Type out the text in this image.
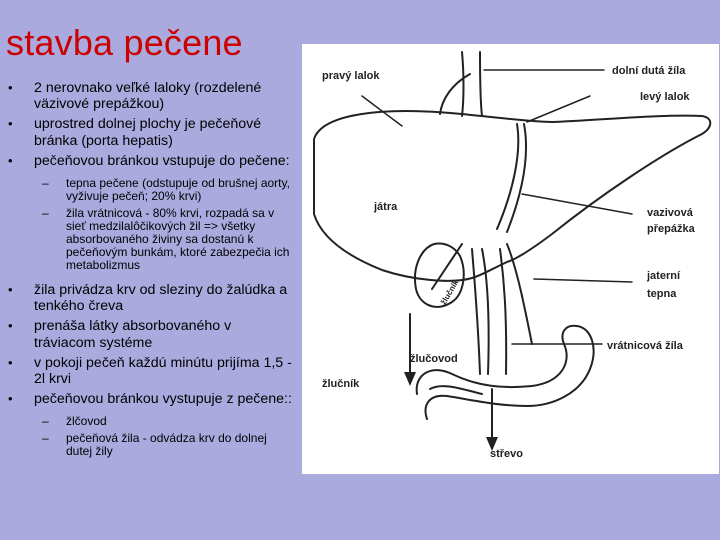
stavba pečene
• 2 nerovnako veľké laloky (rozdelené väzivové prepážkou)
• uprostred dolnej plochy je pečeňové bránka (porta hepatis)
• pečeňovou bránkou vstupuje do pečene:
– tepna pečene (odstupuje od brušnej aorty, vyživuje pečeň; 20% krvi)
– žila vrátnicová - 80% krvi, rozpadá sa v sieť medzilalôčikových žil => všetky absorbovaného živiny sa dostanú k pečeňovým bunkám, ktoré zabezpečia ich metabolizmus
• žila privádza krv od sleziny do žalúdka a tenkého čreva
• prenáša látky absorbovaného v tráviacom systéme
• v pokoji pečeň každú minútu prijíma 1,5 - 2l krvi
• pečeňovou bránkou vystupuje z pečene::
– žlčovod
– pečeňová žila - odvádza krv do dolnej dutej žily
pravý lalok	dolní dutá žíla
levý lalok
játra	vazivová
přepážka
jaterní
tepna
žlučovod
vrátnicová žíla
žlučník
střevo
žlučník
